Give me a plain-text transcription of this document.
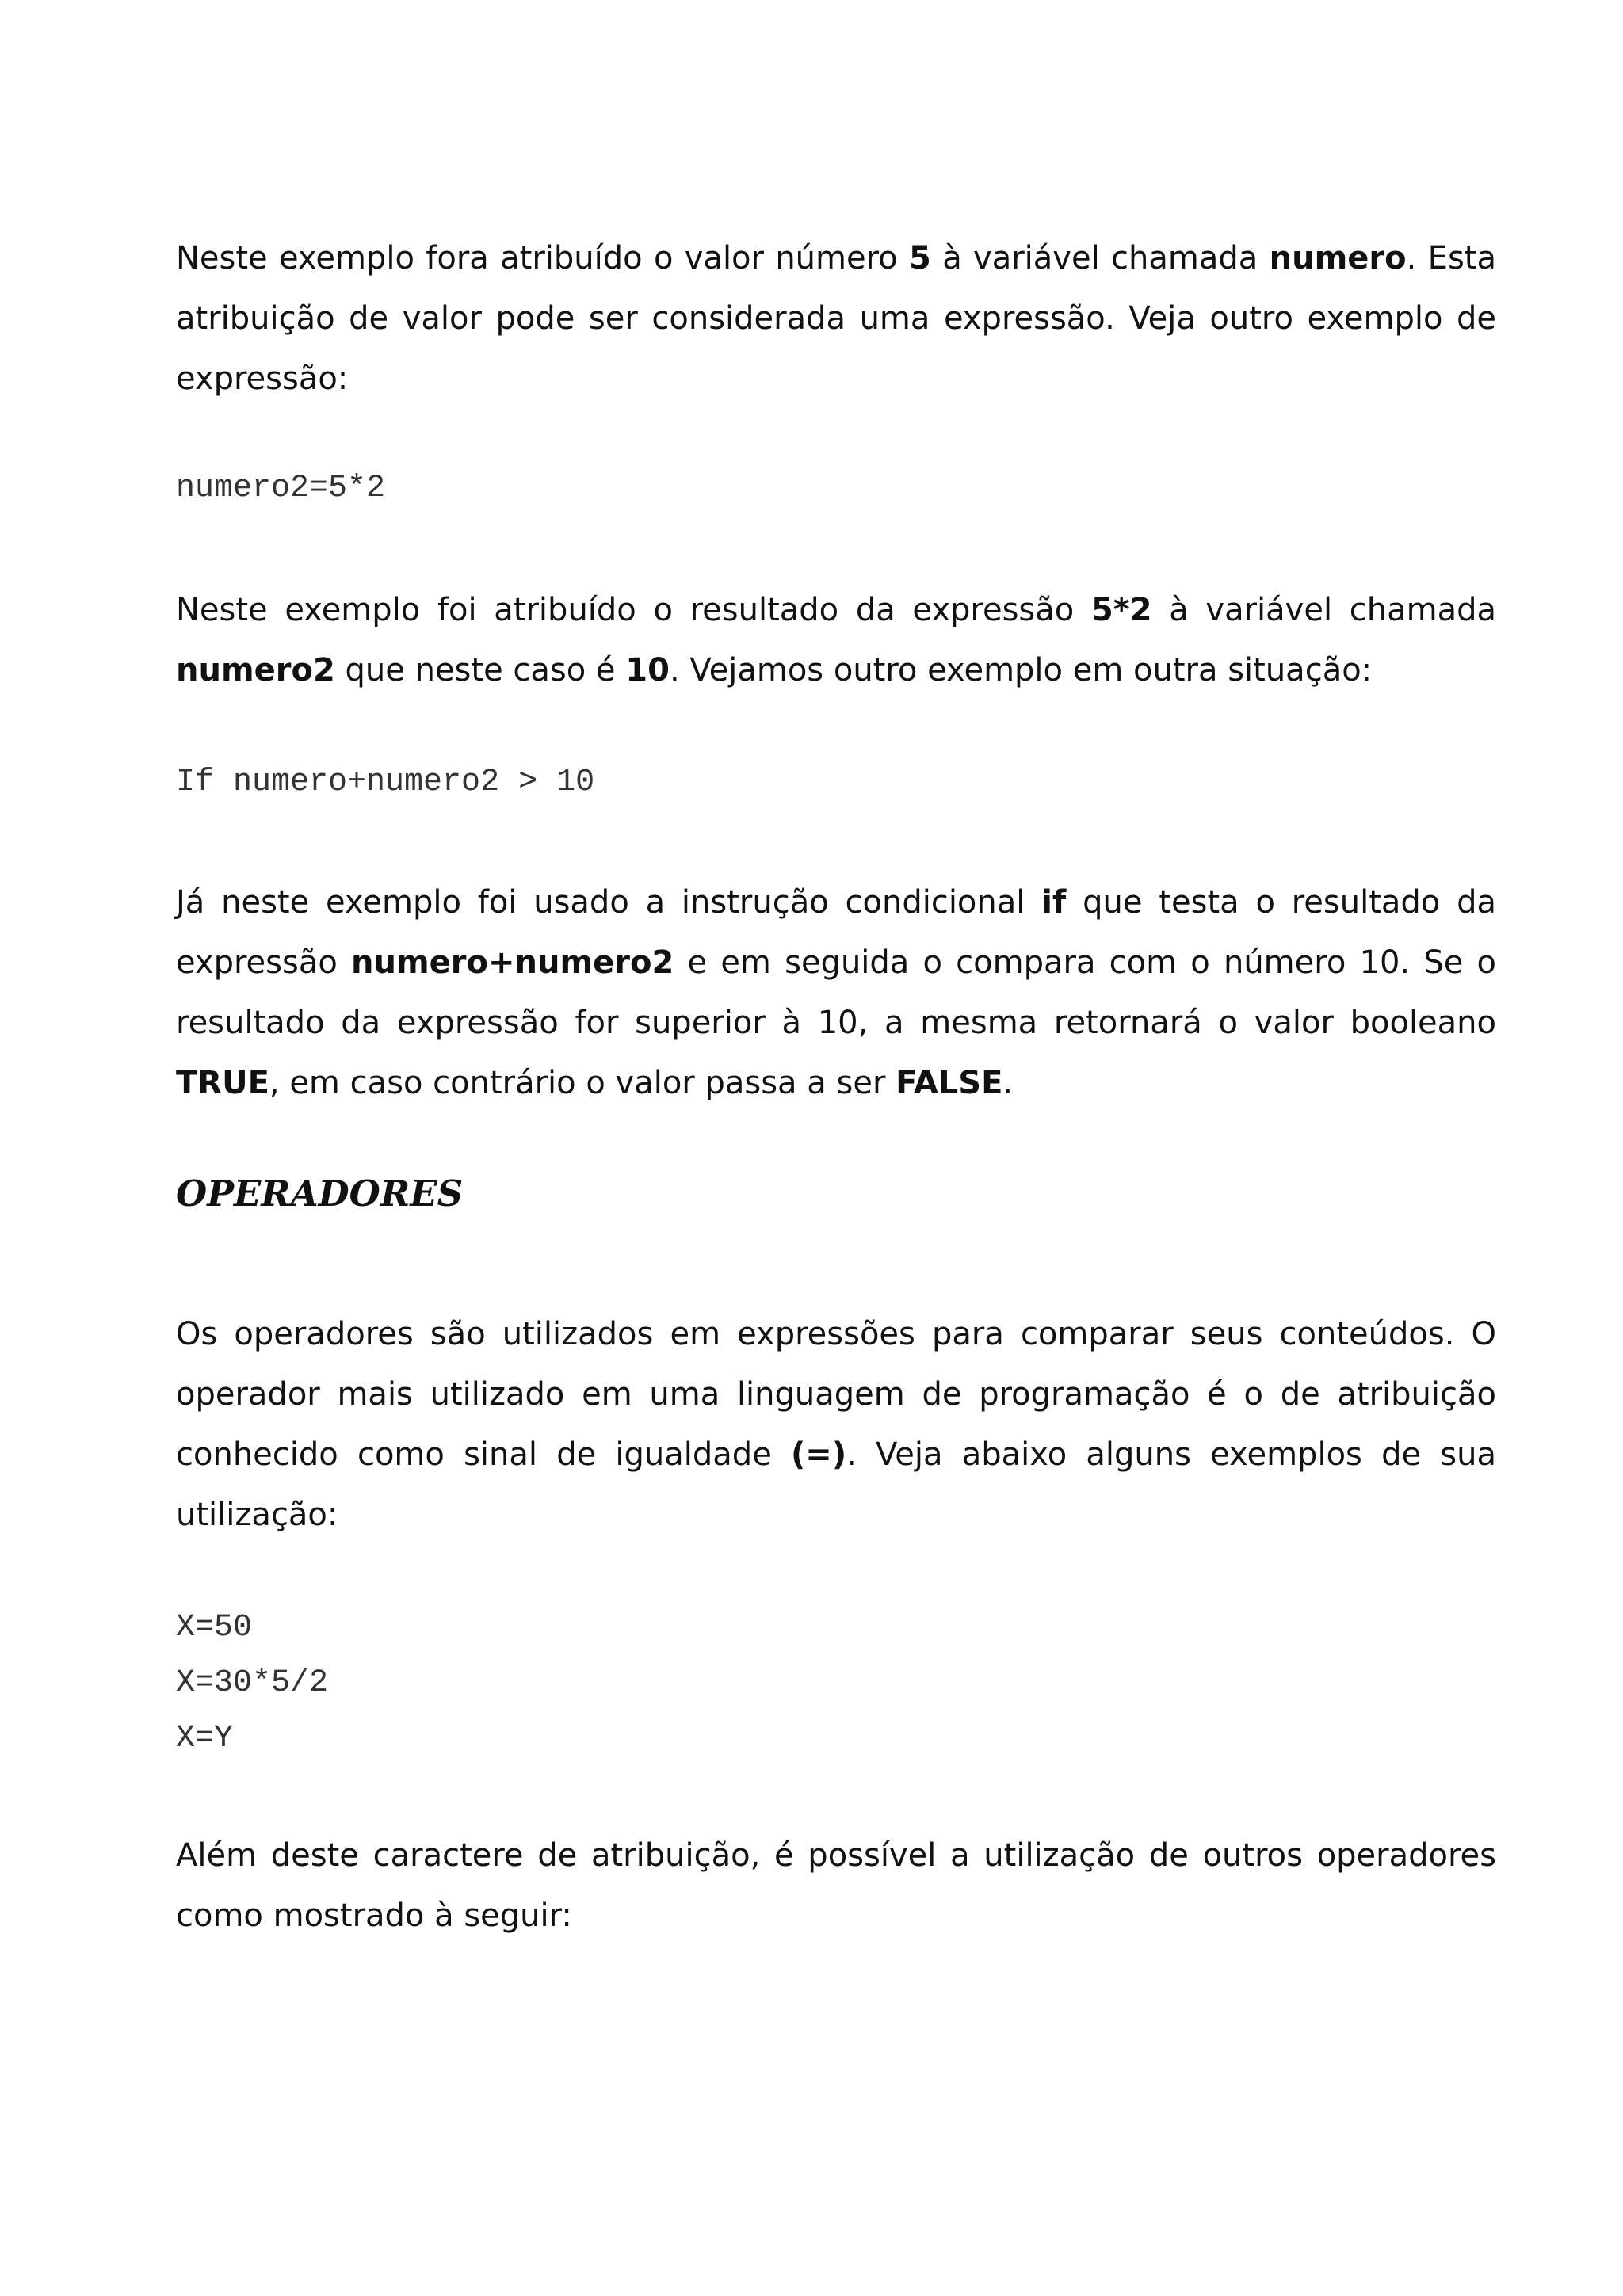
Neste exemplo fora atribuído o valor número 5 à variável chamada numero. Esta atribuição de valor pode ser considerada uma expressão. Veja outro exemplo de expressão:

numero2=5*2

Neste exemplo foi atribuído o resultado da expressão 5*2 à variável chamada numero2 que neste caso é 10. Vejamos outro exemplo em outra situação:

If numero+numero2 > 10

Já neste exemplo foi usado a instrução condicional if que testa o resultado da expressão numero+numero2 e em seguida o compara com o número 10. Se o resultado da expressão for superior à 10, a mesma retornará o valor booleano TRUE, em caso contrário o valor passa a ser FALSE.

OPERADORES

Os operadores são utilizados em expressões para comparar seus conteúdos. O operador mais utilizado em uma linguagem de programação é o de atribuição conhecido como sinal de igualdade (=). Veja abaixo alguns exemplos de sua utilização:

X=50
X=30*5/2
X=Y

Além deste caractere de atribuição, é possível a utilização de outros operadores como mostrado à seguir:
